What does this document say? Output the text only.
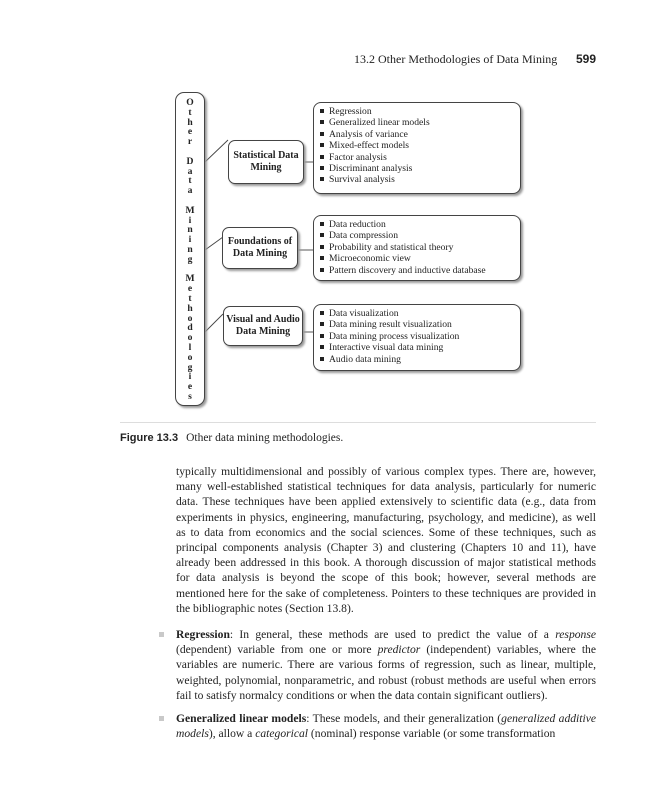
13.2 Other Methodologies of Data Mining 599
O
t
h
e
r
D
a
t
a
M
i
n
i
n
g
M
e
t
h
o
d
o
l
o
g
i
e
s
Statistical Data Mining
Foundations of Data Mining
Visual and Audio Data Mining
Regression
Generalized linear models
Analysis of variance
Mixed-effect models
Factor analysis
Discriminant analysis
Survival analysis
Data reduction
Data compression
Probability and statistical theory
Microeconomic view
Pattern discovery and inductive database
Data visualization
Data mining result visualization
Data mining process visualization
Interactive visual data mining
Audio data mining
Figure 13.3 Other data mining methodologies.

typically multidimensional and possibly of various complex types. There are, however, many well-established statistical techniques for data analysis, particularly for numeric data. These techniques have been applied extensively to scientific data (e.g., data from experiments in physics, engineering, manufacturing, psychology, and medicine), as well as to data from economics and the social sciences. Some of these techniques, such as principal components analysis (Chapter 3) and clustering (Chapters 10 and 11), have already been addressed in this book. A thorough discussion of major statistical methods for data analysis is beyond the scope of this book; however, several methods are mentioned here for the sake of completeness. Pointers to these techniques are provided in the bibliographic notes (Section 13.8).

Regression: In general, these methods are used to predict the value of a response (dependent) variable from one or more predictor (independent) variables, where the variables are numeric. There are various forms of regression, such as linear, multiple, weighted, polynomial, nonparametric, and robust (robust methods are useful when errors fail to satisfy normalcy conditions or when the data contain significant outliers).
Generalized linear models: These models, and their generalization (generalized additive models), allow a categorical (nominal) response variable (or some transformation
